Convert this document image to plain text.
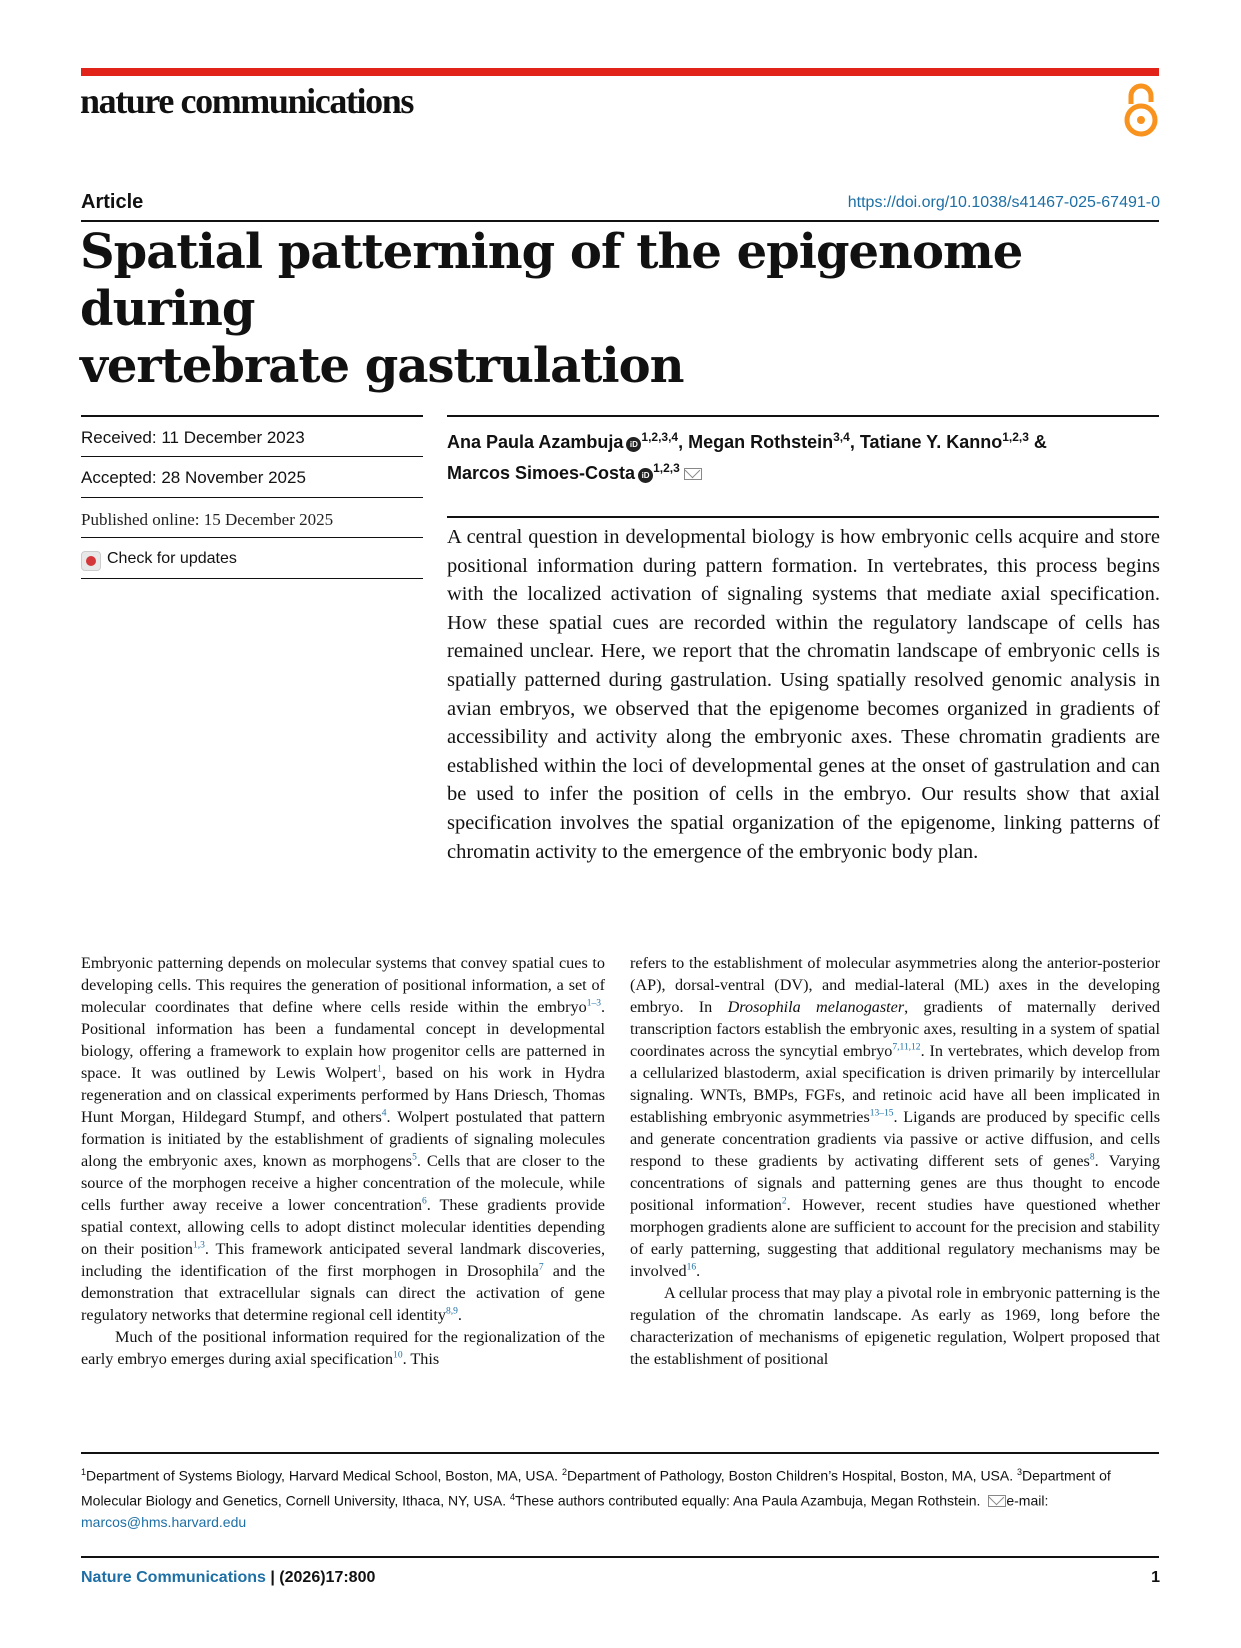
nature communications
Article	https://doi.org/10.1038/s41467-025-67491-0
Spatial patterning of the epigenome during
vertebrate gastrulation
Received: 11 December 2023
Accepted: 28 November 2025
Published online: 15 December 2025
Check for updates
Ana Paula Azambuja iD$^{1,2,3,4}$, Megan Rothstein$^{3,4}$, Tatiane Y. Kanno$^{1,2,3}$ &
Marcos Simoes-Costa iD$^{1,2,3}$

A central question in developmental biology is how embryonic cells acquire and store positional information during pattern formation. In vertebrates, this process begins with the localized activation of signaling systems that mediate axial specification. How these spatial cues are recorded within the regulatory landscape of cells has remained unclear. Here, we report that the chromatin landscape of embryonic cells is spatially patterned during gastrulation. Using spatially resolved genomic analysis in avian embryos, we observed that the epigenome becomes organized in gradients of accessibility and activity along the embryonic axes. These chromatin gradients are established within the loci of developmental genes at the onset of gastrulation and can be used to infer the position of cells in the embryo. Our results show that axial specification involves the spatial organization of the epigenome, linking patterns of chromatin activity to the emergence of the embryonic body plan.

Embryonic patterning depends on molecular systems that convey spatial cues to developing cells. This requires the generation of positional information, a set of molecular coordinates that define where cells reside within the embryo$^{1-3}$. Positional information has been a fundamental concept in developmental biology, offering a framework to explain how progenitor cells are patterned in space. It was outlined by Lewis Wolpert$^1$, based on his work in Hydra regeneration and on classical experiments performed by Hans Driesch, Thomas Hunt Morgan, Hildegard Stumpf, and others$^4$. Wolpert postulated that pattern formation is initiated by the establishment of gradients of signaling molecules along the embryonic axes, known as morphogens$^5$. Cells that are closer to the source of the morphogen receive a higher concentration of the molecule, while cells further away receive a lower concentration$^6$. These gradients provide spatial context, allowing cells to adopt distinct molecular identities depending on their position$^{1,3}$. This framework anticipated several landmark discoveries, including the identification of the first morphogen in Drosophila$^7$ and the demonstration that extracellular signals can direct the activation of gene regulatory networks that determine regional cell identity$^{8,9}$.

Much of the positional information required for the regionalization of the early embryo emerges during axial specification$^{10}$. This

refers to the establishment of molecular asymmetries along the anterior-posterior (AP), dorsal-ventral (DV), and medial-lateral (ML) axes in the developing embryo. In Drosophila melanogaster, gradients of maternally derived transcription factors establish the embryonic axes, resulting in a system of spatial coordinates across the syncytial embryo$^{7,11,12}$. In vertebrates, which develop from a cellularized blastoderm, axial specification is driven primarily by intercellular signaling. WNTs, BMPs, FGFs, and retinoic acid have all been implicated in establishing embryonic asymmetries$^{13-15}$. Ligands are produced by specific cells and generate concentration gradients via passive or active diffusion, and cells respond to these gradients by activating different sets of genes$^8$. Varying concentrations of signals and patterning genes are thus thought to encode positional information$^2$. However, recent studies have questioned whether morphogen gradients alone are sufficient to account for the precision and stability of early patterning, suggesting that additional regulatory mechanisms may be involved$^{16}$.

A cellular process that may play a pivotal role in embryonic patterning is the regulation of the chromatin landscape. As early as 1969, long before the characterization of mechanisms of epigenetic regulation, Wolpert proposed that the establishment of positional

$^1$Department of Systems Biology, Harvard Medical School, Boston, MA, USA. $^2$Department of Pathology, Boston Children’s Hospital, Boston, MA, USA. $^3$Department of Molecular Biology and Genetics, Cornell University, Ithaca, NY, USA. $^4$These authors contributed equally: Ana Paula Azambuja, Megan Rothstein. e-mail: marcos@hms.harvard.edu
Nature Communications | (2026)17:800	1
